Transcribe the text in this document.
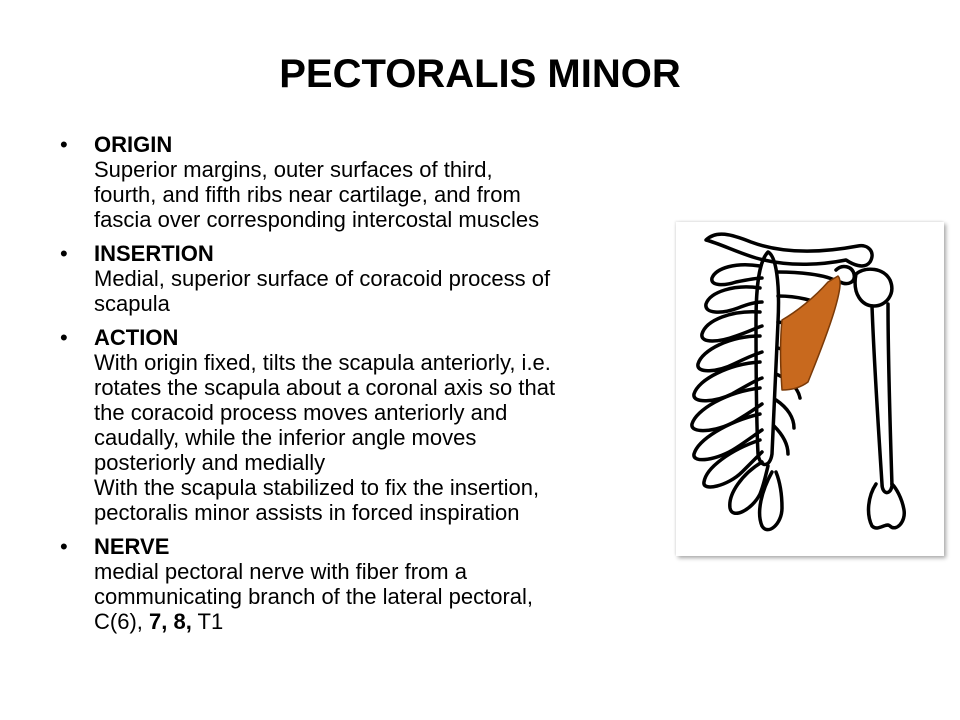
PECTORALIS MINOR
• ORIGIN
Superior margins, outer surfaces of third,
fourth, and fifth ribs near cartilage, and from
fascia over corresponding intercostal muscles
• INSERTION
Medial, superior surface of coracoid process of
scapula
• ACTION
With origin fixed, tilts the scapula anteriorly, i.e.
rotates the scapula about a coronal axis so that
the coracoid process moves anteriorly and
caudally, while the inferior angle moves
posteriorly and medially
With the scapula stabilized to fix the insertion,
pectoralis minor assists in forced inspiration
• NERVE
medial pectoral nerve with fiber from a
communicating branch of the lateral pectoral,
C(6), 7, 8, T1
